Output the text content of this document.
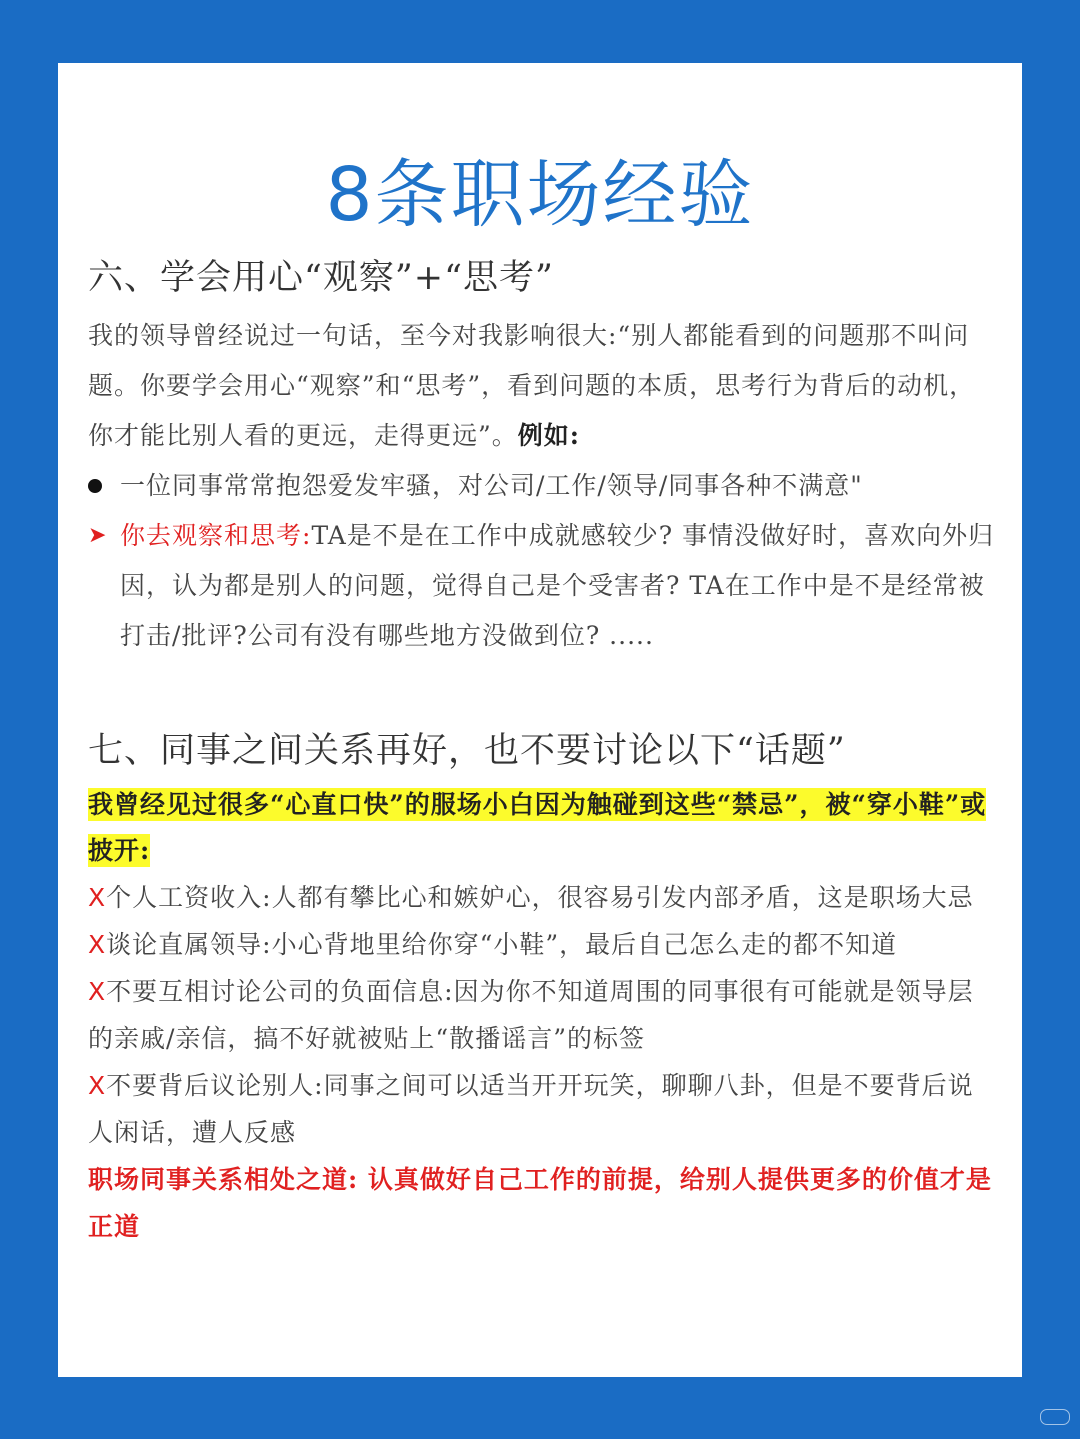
8条职场经验
六、学会用心“观察”+“思考”
我的领导曾经说过一句话，至今对我影响很大:“别人都能看到的问题那不叫问题。你要学会用心“观察”和“思考”，看到问题的本质，思考行为背后的动机，你才能比别人看的更远，走得更远”。例如:
一位同事常常抱怨爱发牢骚，对公司/工作/领导/同事各种不满意"
➤ 你去观察和思考:TA是不是在工作中成就感较少? 事情没做好时，喜欢向外归因，认为都是别人的问题，觉得自己是个受害者? TA在工作中是不是经常被打击/批评?公司有没有哪些地方没做到位? .....
七、同事之间关系再好，也不要讨论以下“话题”
我曾经见过很多“心直口快”的服场小白因为触碰到这些“禁忌”，被“穿小鞋”或披开:
X个人工资收入:人都有攀比心和嫉妒心，很容易引发内部矛盾，这是职场大忌
X谈论直属领导:小心背地里给你穿“小鞋”，最后自己怎么走的都不知道
X不要互相讨论公司的负面信息:因为你不知道周围的同事很有可能就是领导层的亲戚/亲信，搞不好就被贴上“散播谣言”的标签
X不要背后议论别人:同事之间可以适当开开玩笑，聊聊八卦，但是不要背后说人闲话，遭人反感
职场同事关系相处之道: 认真做好自己工作的前提，给别人提供更多的价值才是正道
